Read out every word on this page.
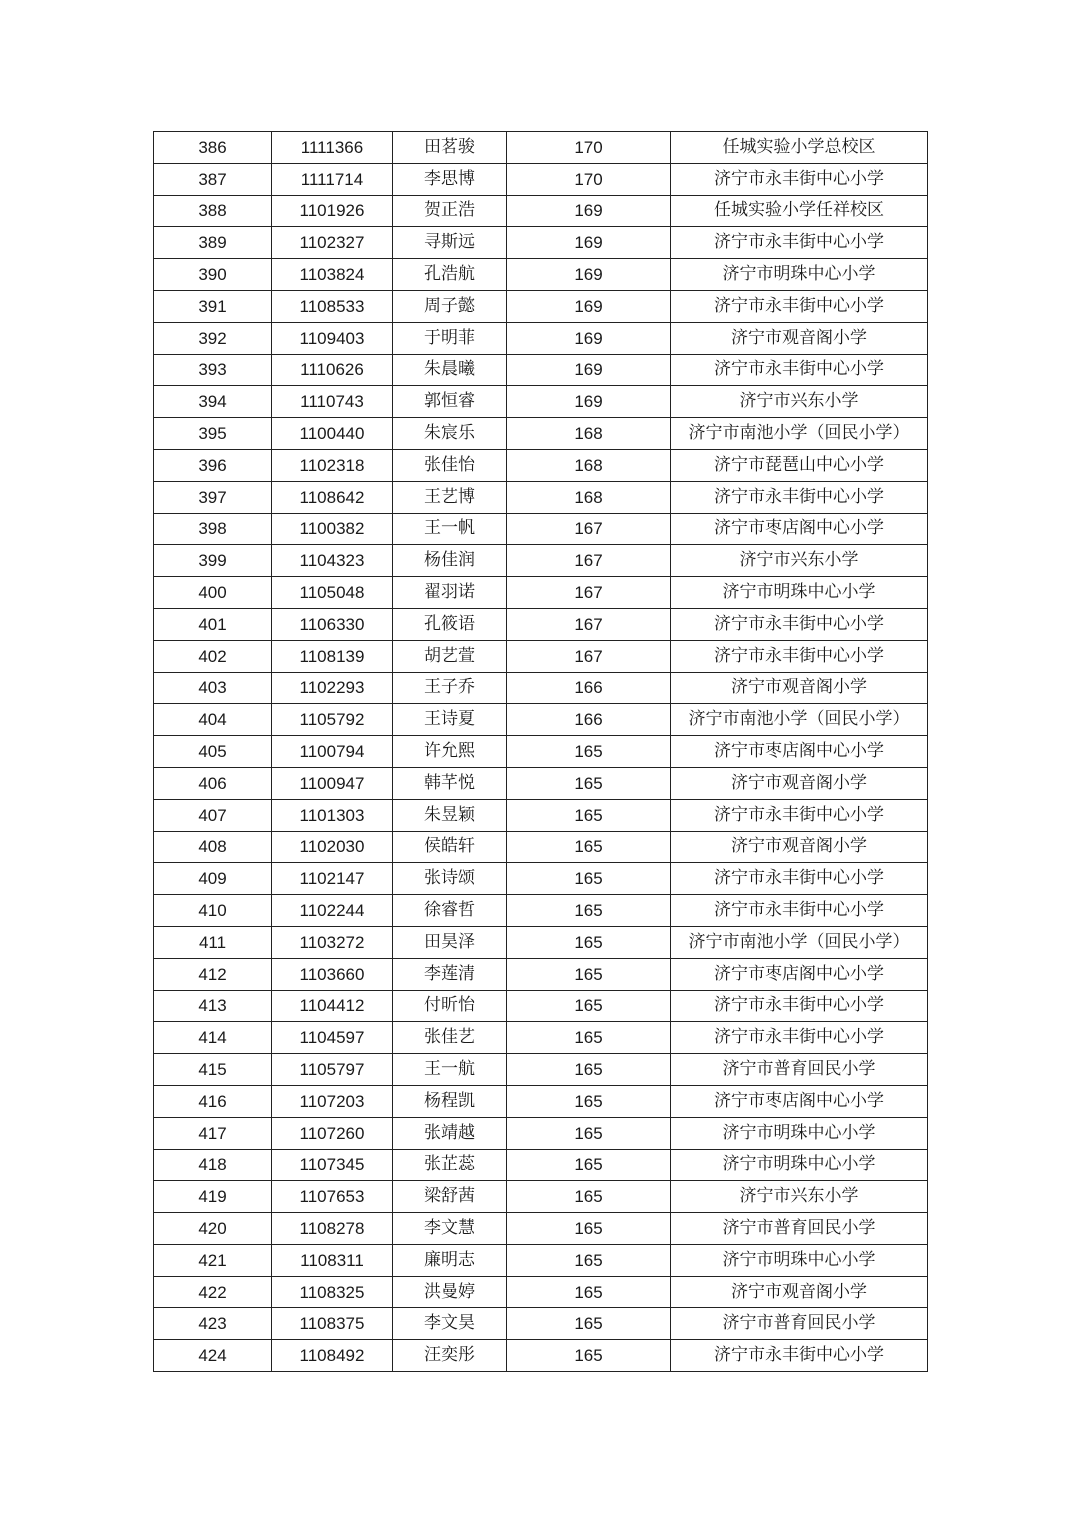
386	1111366	田茗骏	170	任城实验小学总校区
387	1111714	李思博	170	济宁市永丰街中心小学
388	1101926	贺正浩	169	任城实验小学任祥校区
389	1102327	寻斯远	169	济宁市永丰街中心小学
390	1103824	孔浩航	169	济宁市明珠中心小学
391	1108533	周子懿	169	济宁市永丰街中心小学
392	1109403	于明菲	169	济宁市观音阁小学
393	1110626	朱晨曦	169	济宁市永丰街中心小学
394	1110743	郭恒睿	169	济宁市兴东小学
395	1100440	朱宸乐	168	济宁市南池小学（回民小学）
396	1102318	张佳怡	168	济宁市琵琶山中心小学
397	1108642	王艺博	168	济宁市永丰街中心小学
398	1100382	王一帆	167	济宁市枣店阁中心小学
399	1104323	杨佳润	167	济宁市兴东小学
400	1105048	翟羽诺	167	济宁市明珠中心小学
401	1106330	孔筱语	167	济宁市永丰街中心小学
402	1108139	胡艺萱	167	济宁市永丰街中心小学
403	1102293	王子乔	166	济宁市观音阁小学
404	1105792	王诗夏	166	济宁市南池小学（回民小学）
405	1100794	许允熙	165	济宁市枣店阁中心小学
406	1100947	韩芊悦	165	济宁市观音阁小学
407	1101303	朱昱颖	165	济宁市永丰街中心小学
408	1102030	侯皓轩	165	济宁市观音阁小学
409	1102147	张诗颂	165	济宁市永丰街中心小学
410	1102244	徐睿哲	165	济宁市永丰街中心小学
411	1103272	田昊泽	165	济宁市南池小学（回民小学）
412	1103660	李莲清	165	济宁市枣店阁中心小学
413	1104412	付昕怡	165	济宁市永丰街中心小学
414	1104597	张佳艺	165	济宁市永丰街中心小学
415	1105797	王一航	165	济宁市普育回民小学
416	1107203	杨程凯	165	济宁市枣店阁中心小学
417	1107260	张靖越	165	济宁市明珠中心小学
418	1107345	张芷蕊	165	济宁市明珠中心小学
419	1107653	梁舒茜	165	济宁市兴东小学
420	1108278	李文慧	165	济宁市普育回民小学
421	1108311	廉明志	165	济宁市明珠中心小学
422	1108325	洪曼婷	165	济宁市观音阁小学
423	1108375	李文昊	165	济宁市普育回民小学
424	1108492	汪奕彤	165	济宁市永丰街中心小学
